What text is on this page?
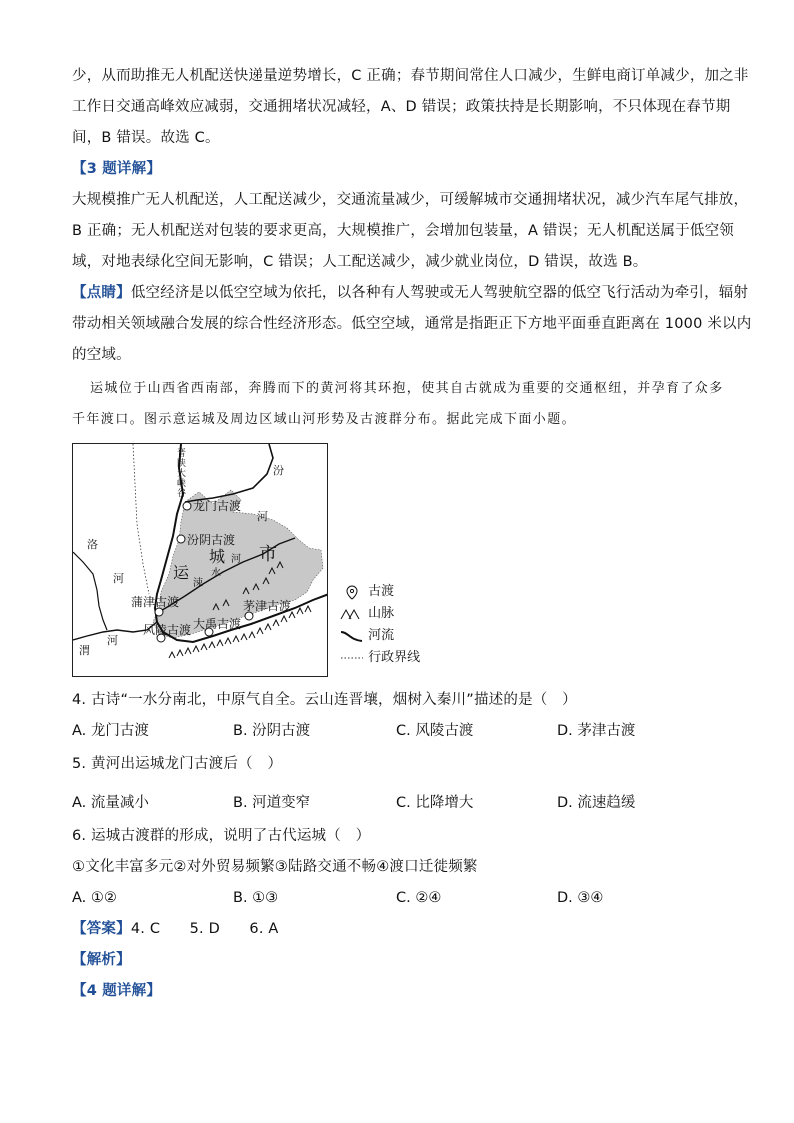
少，从而助推无人机配送快递量逆势增长，C 正确；春节期间常住人口减少，生鲜电商订单减少，加之非
工作日交通高峰效应减弱，交通拥堵状况减轻，A、D 错误；政策扶持是长期影响，不只体现在春节期
间，B 错误。故选 C。
【3 题详解】
大规模推广无人机配送，人工配送减少，交通流量减少，可缓解城市交通拥堵状况，减少汽车尾气排放，
B 正确；无人机配送对包装的要求更高，大规模推广，会增加包装量，A 错误；无人机配送属于低空领
域，对地表绿化空间无影响，C 错误；人工配送减少，减少就业岗位，D 错误，故选 B。
【点睛】低空经济是以低空空域为依托，以各种有人驾驶或无人驾驶航空器的低空飞行活动为牵引，辐射
带动相关领域融合发展的综合性经济形态。低空空域，通常是指距正下方地平面垂直距离在 1000 米以内
的空域。
运城位于山西省西南部，奔腾而下的黄河将其环抱，使其自古就成为重要的交通枢纽，并孕育了众多
千年渡口。图示意运城及周边区域山河形势及古渡群分布。据此完成下面小题。
晋
陕
大
峡
谷
汾
河
龙门古渡
汾阴古渡
运
城 市
河
水
涑
洛
河
蒲津古渡	茅津古渡
大禹古渡
风陵古渡
渭
河
古渡
山脉
河流
行政界线
4. 古诗“一水分南北，中原气自全。云山连晋壤，烟树入秦川”描述的是（　）
A. 龙门古渡	B. 汾阴古渡	C. 风陵古渡	D. 茅津古渡
5. 黄河出运城龙门古渡后（　）
A. 流量减小	B. 河道变窄	C. 比降增大	D. 流速趋缓
6. 运城古渡群的形成，说明了古代运城（　）
①文化丰富多元②对外贸易频繁③陆路交通不畅④渡口迁徙频繁
A. ①②	B. ①③	C. ②④	D. ③④
【答案】4. C　　5. D　　6. A
【解析】
【4 题详解】
